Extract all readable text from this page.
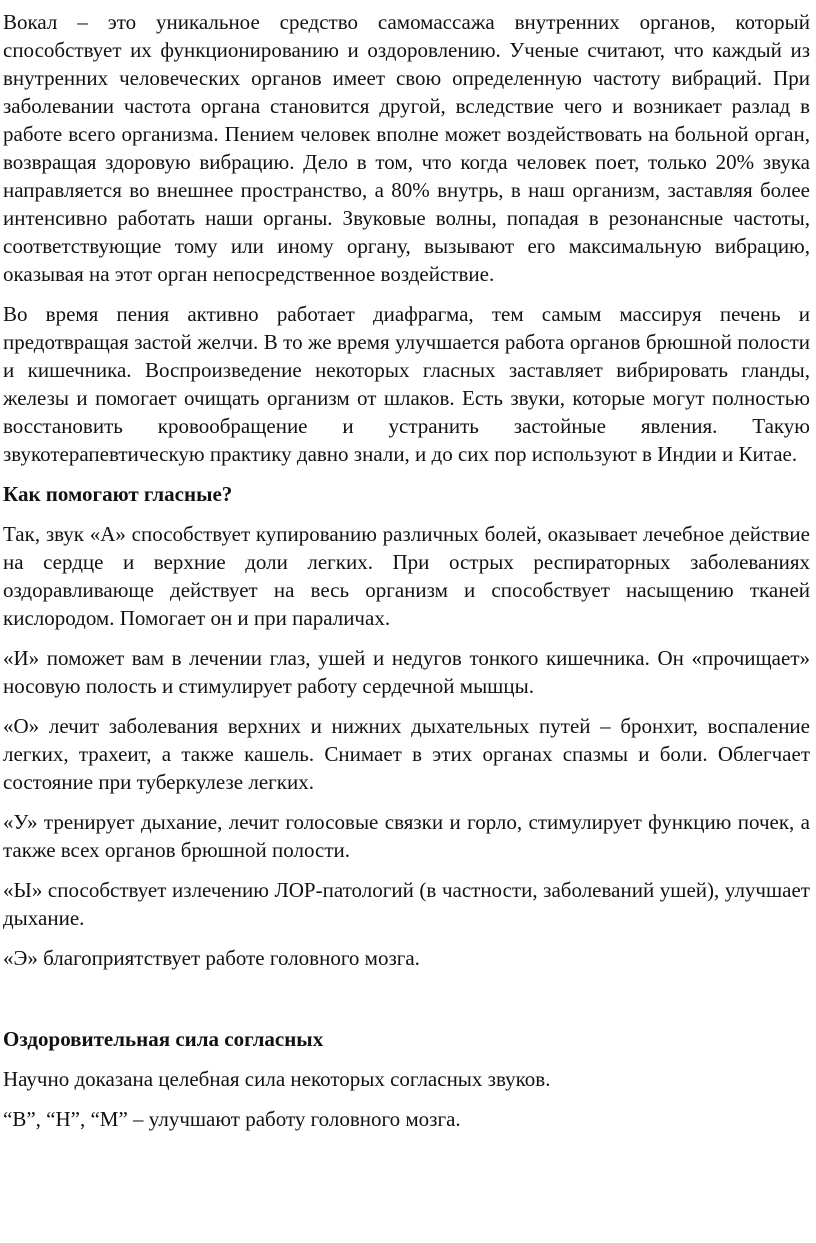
Вокал – это уникальное средство самомассажа внутренних органов, который способствует их функционированию и оздоровлению. Ученые считают, что каждый из внутренних человеческих органов имеет свою определенную частоту вибраций. При заболевании частота органа становится другой, вследствие чего и возникает разлад в работе всего организма. Пением человек вполне может воздействовать на больной орган, возвращая здоровую вибрацию. Дело в том, что когда человек поет, только 20% звука направляется во внешнее пространство, а 80% внутрь, в наш организм, заставляя более интенсивно работать наши органы. Звуковые волны, попадая в резонансные частоты, соответствующие тому или иному органу, вызывают его максимальную вибрацию, оказывая на этот орган непосредственное воздействие.

Во время пения активно работает диафрагма, тем самым массируя печень и предотвращая застой желчи. В то же время улучшается работа органов брюшной полости и кишечника. Воспроизведение некоторых гласных заставляет вибрировать гланды, железы и помогает очищать организм от шлаков. Есть звуки, которые могут полностью восстановить кровообращение и устранить застойные явления. Такую звукотерапевтическую практику давно знали, и до сих пор используют в Индии и Китае.

Как помогают гласные?

Так, звук «А» способствует купированию различных болей, оказывает лечебное действие на сердце и верхние доли легких. При острых респираторных заболеваниях оздоравливающе действует на весь организм и способствует насыщению тканей кислородом. Помогает он и при параличах.

«И» поможет вам в лечении глаз, ушей и недугов тонкого кишечника. Он «прочищает» носовую полость и стимулирует работу сердечной мышцы.

«О» лечит заболевания верхних и нижних дыхательных путей – бронхит, воспаление легких, трахеит, а также кашель. Снимает в этих органах спазмы и боли. Облегчает состояние при туберкулезе легких.

«У» тренирует дыхание, лечит голосовые связки и горло, стимулирует функцию почек, а также всех органов брюшной полости.

«Ы» способствует излечению ЛОР-патологий (в частности, заболеваний ушей), улучшает дыхание.

«Э» благоприятствует работе головного мозга.

Оздоровительная сила согласных

Научно доказана целебная сила некоторых согласных звуков.

“В”, “Н”, “М” – улучшают работу головного мозга.
